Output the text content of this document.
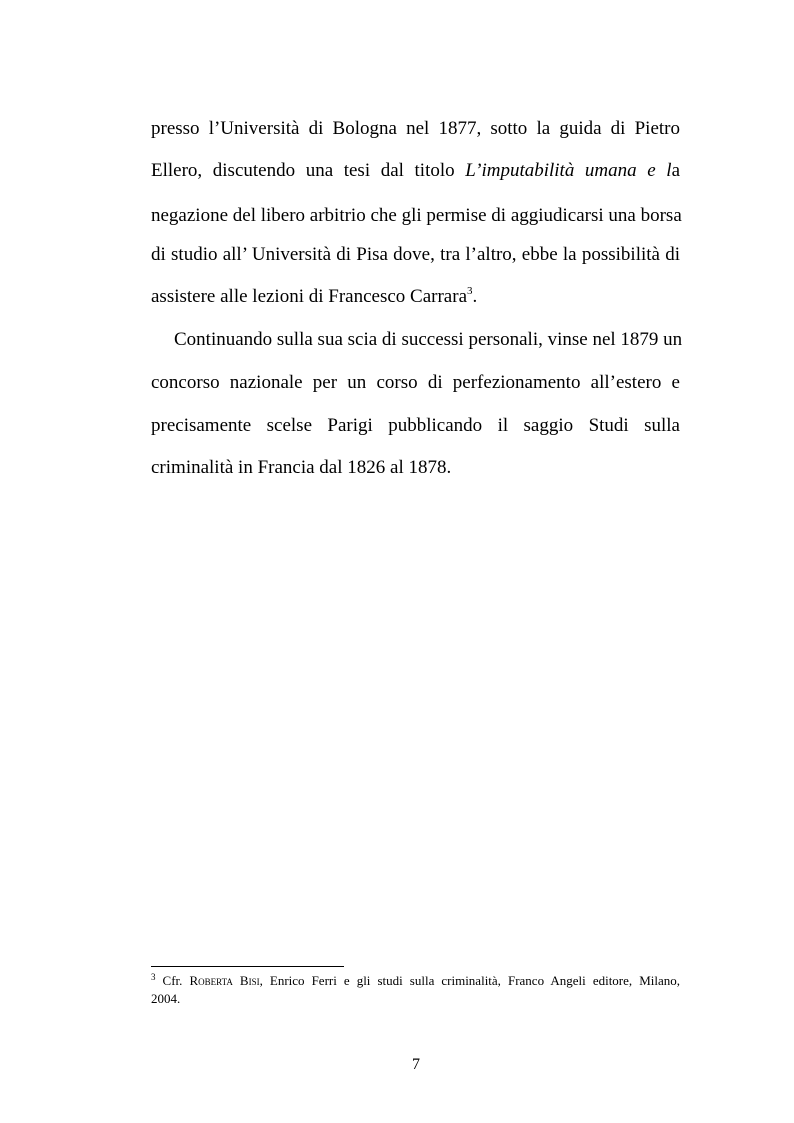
presso l’Università di Bologna nel 1877, sotto la guida di Pietro
Ellero, discutendo una tesi dal titolo L’imputabilità umana e la
negazione del libero arbitrio che gli permise di aggiudicarsi una borsa
di studio all’ Università di Pisa dove, tra l’altro, ebbe la possibilità di
assistere alle lezioni di Francesco Carrara$^3$.
Continuando sulla sua scia di successi personali, vinse nel 1879 un
concorso nazionale per un corso di perfezionamento all’estero e
precisamente scelse Parigi pubblicando il saggio Studi sulla
criminalità in Francia dal 1826 al 1878.
$^3$ Cfr. Roberta Bisi, Enrico Ferri e gli studi sulla criminalità, Franco Angeli editore, Milano,
2004.
7
